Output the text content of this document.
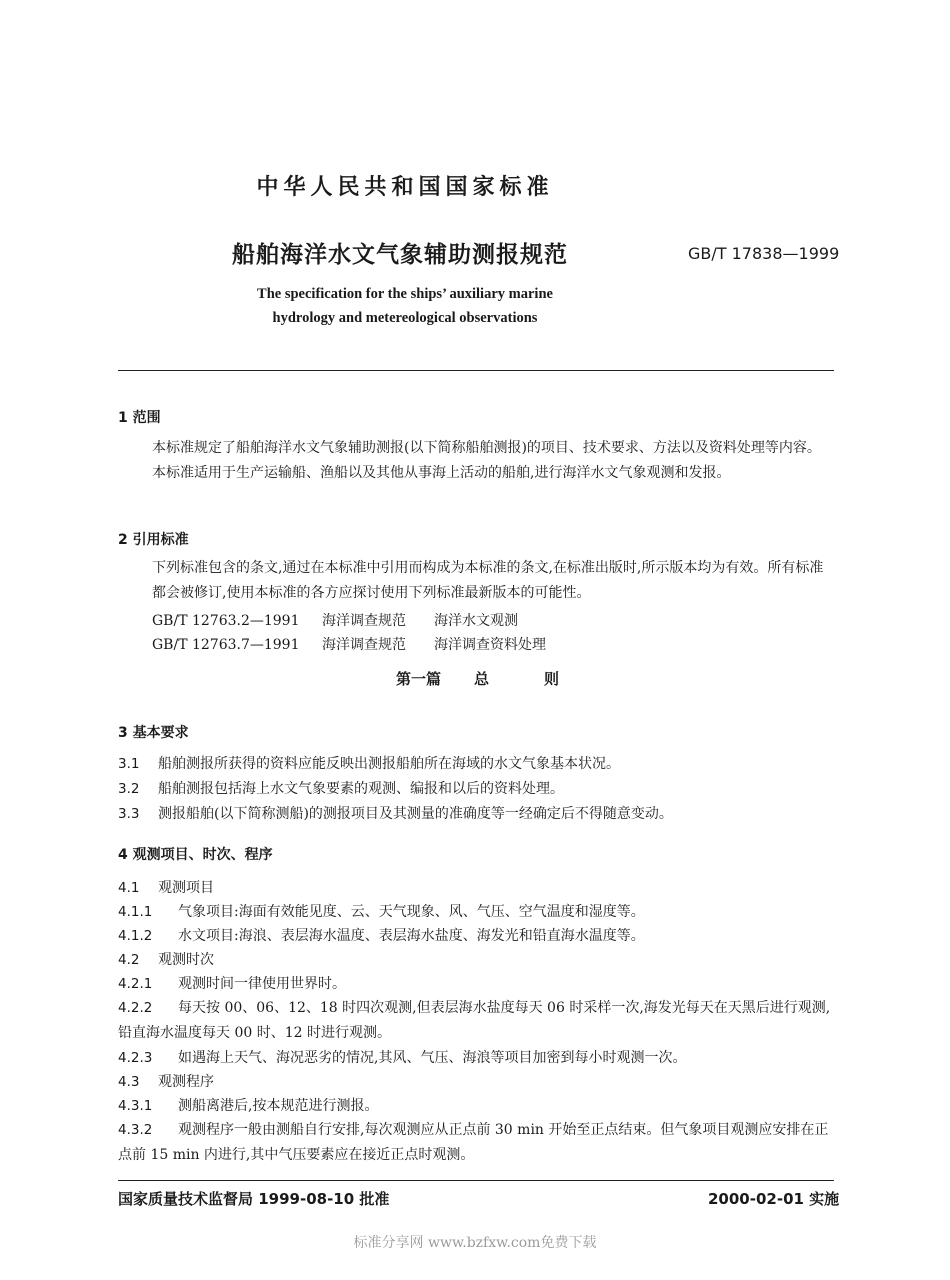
中华人民共和国国家标准
船舶海洋水文气象辅助测报规范	GB/T 17838—1999
The specification for the ships’ auxiliary marine
hydrology and metereological observations
1 范围

本标准规定了船舶海洋水文气象辅助测报(以下简称船舶测报)的项目、技术要求、方法以及资料处理等内容。

本标准适用于生产运输船、渔船以及其他从事海上活动的船舶,进行海洋水文气象观测和发报。

2 引用标准

下列标准包含的条文,通过在本标准中引用而构成为本标准的条文,在标准出版时,所示版本均为有效。所有标准都会被修订,使用本标准的各方应探讨使用下列标准最新版本的可能性。

GB/T 12763.2—1991 海洋调查规范 海洋水文观测
GB/T 12763.7—1991 海洋调查规范 海洋调查资料处理
第一篇 总	则
3 基本要求
3.1 船舶测报所获得的资料应能反映出测报船舶所在海域的水文气象基本状况。
3.2 船舶测报包括海上水文气象要素的观测、编报和以后的资料处理。
3.3 测报船舶(以下简称测船)的测报项目及其测量的准确度等一经确定后不得随意变动。
4 观测项目、时次、程序
4.1 观测项目
4.1.1 气象项目:海面有效能见度、云、天气现象、风、气压、空气温度和湿度等。
4.1.2 水文项目:海浪、表层海水温度、表层海水盐度、海发光和铅直海水温度等。
4.2 观测时次
4.2.1 观测时间一律使用世界时。
4.2.2 每天按 00、06、12、18 时四次观测,但表层海水盐度每天 06 时采样一次,海发光每天在天黑后进行观测,铅直海水温度每天 00 时、12 时进行观测。
4.2.3 如遇海上天气、海况恶劣的情况,其风、气压、海浪等项目加密到每小时观测一次。
4.3 观测程序
4.3.1 测船离港后,按本规范进行测报。
4.3.2 观测程序一般由测船自行安排,每次观测应从正点前 30 min 开始至正点结束。但气象项目观测应安排在正点前 15 min 内进行,其中气压要素应在接近正点时观测。
国家质量技术监督局 1999-08-10 批准	2000-02-01 实施
标准分享网 www.bzfxw.com免费下载
